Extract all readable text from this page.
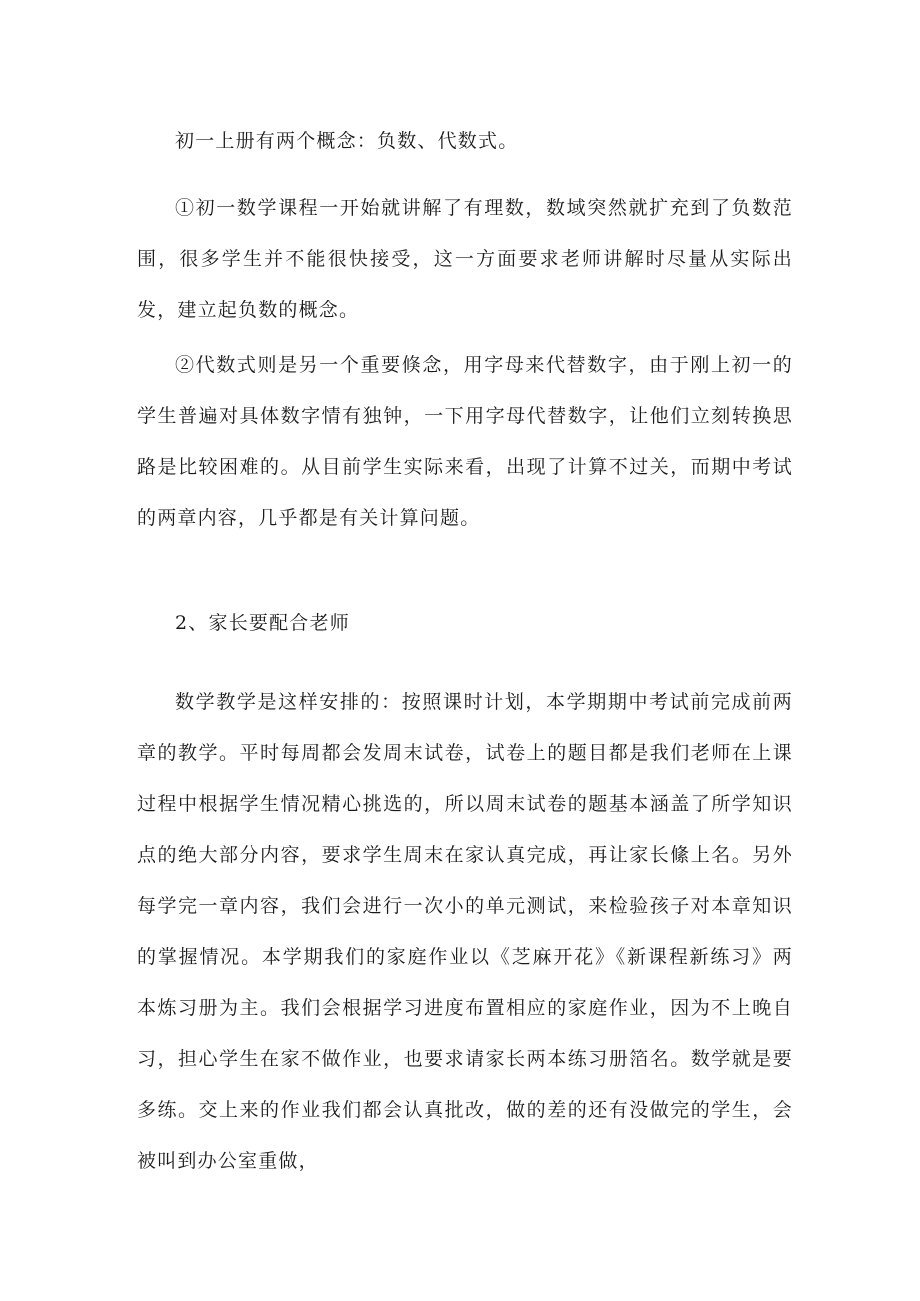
初一上册有两个概念：负数、代数式。

①初一数学课程一开始就讲解了有理数，数域突然就扩充到了负数范围，很多学生并不能很快接受，这一方面要求老师讲解时尽量从实际出发，建立起负数的概念。

②代数式则是另一个重要倏念，用字母来代替数字，由于刚上初一的学生普遍对具体数字情有独钟，一下用字母代替数字，让他们立刻转换思路是比较困难的。从目前学生实际来看，出现了计算不过关，而期中考试的两章内容，几乎都是有关计算问题。

2、家长要配合老师

数学教学是这样安排的：按照课时计划，本学期期中考试前完成前两章的教学。平时每周都会发周末试卷，试卷上的题目都是我们老师在上课过程中根据学生情况精心挑选的，所以周末试卷的题基本涵盖了所学知识点的绝大部分内容，要求学生周末在家认真完成，再让家长絛上名。另外每学完一章内容，我们会进行一次小的单元测试，来检验孩子对本章知识的掌握情况。本学期我们的家庭作业以《芝麻开花》《新课程新练习》两本炼习册为主。我们会根据学习进度布置相应的家庭作业，因为不上晚自习，担心学生在家不做作业，也要求请家长两本练习册箔名。数学就是要多练。交上来的作业我们都会认真批改，做的差的还有没做完的学生，会被叫到办公室重做，
